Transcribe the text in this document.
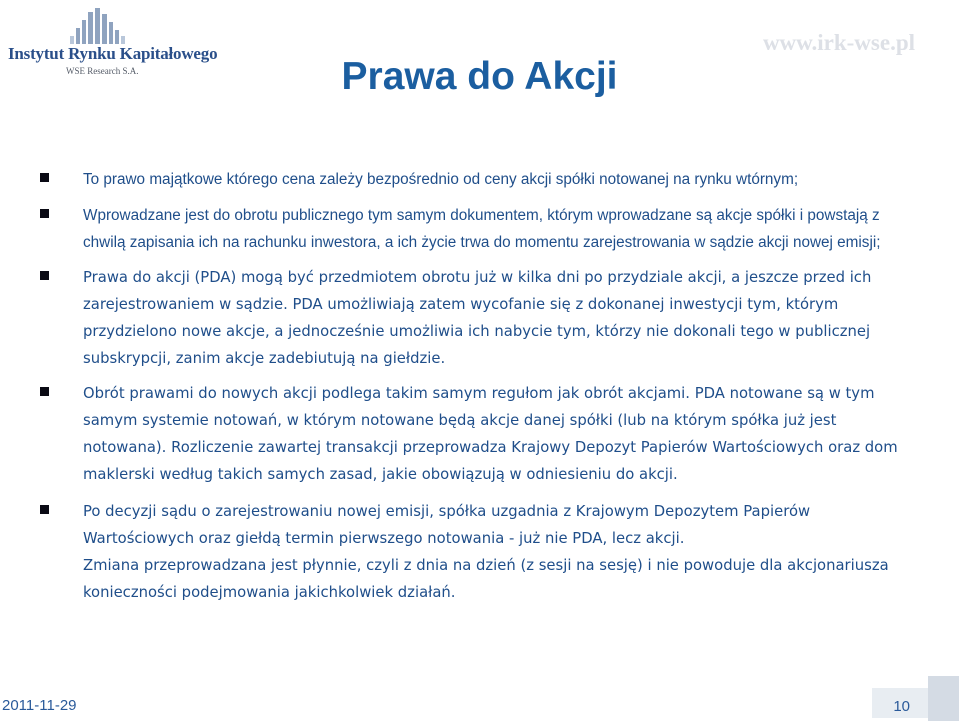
Instytut Rynku Kapitałowego
WSE Research S.A.
www.irk-wse.pl
Prawa do Akcji
To prawo majątkowe którego cena zależy bezpośrednio od ceny akcji spółki notowanej na rynku wtórnym;
Wprowadzane jest do obrotu publicznego tym samym dokumentem, którym wprowadzane są akcje spółki i powstają z chwilą zapisania ich na rachunku inwestora, a ich życie trwa do momentu zarejestrowania w sądzie akcji nowej emisji;
Prawa do akcji (PDA) mogą być przedmiotem obrotu już w kilka dni po przydziale akcji, a jeszcze przed ich zarejestrowaniem w sądzie. PDA umożliwiają zatem wycofanie się z dokonanej inwestycji tym, którym przydzielono nowe akcje, a jednocześnie umożliwia ich nabycie tym, którzy nie dokonali tego w publicznej subskrypcji, zanim akcje zadebiutują na giełdzie.
Obrót prawami do nowych akcji podlega takim samym regułom jak obrót akcjami. PDA notowane są w tym samym systemie notowań, w którym notowane będą akcje danej spółki (lub na którym spółka już jest notowana). Rozliczenie zawartej transakcji przeprowadza Krajowy Depozyt Papierów Wartościowych oraz dom maklerski według takich samych zasad, jakie obowiązują w odniesieniu do akcji.
Po decyzji sądu o zarejestrowaniu nowej emisji, spółka uzgadnia z Krajowym Depozytem Papierów Wartościowych oraz giełdą termin pierwszego notowania - już nie PDA, lecz akcji.
Zmiana przeprowadzana jest płynnie, czyli z dnia na dzień (z sesji na sesję) i nie powoduje dla akcjonariusza konieczności podejmowania jakichkolwiek działań.
2011-11-29	10
